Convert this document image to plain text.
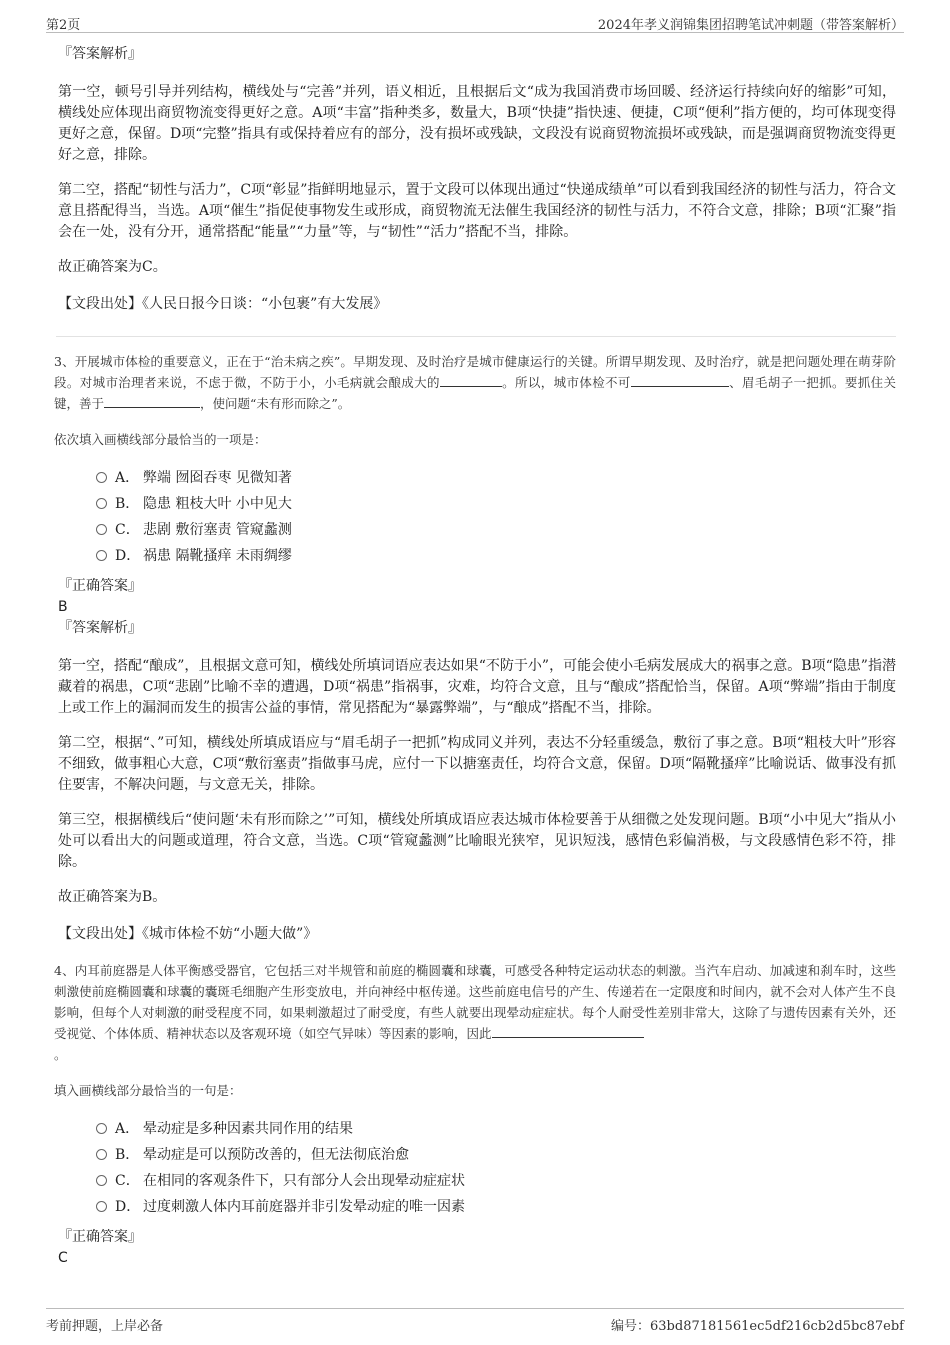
第2页	2024年孝义润锦集团招聘笔试冲刺题（带答案解析）
『答案解析』
第一空，顿号引导并列结构，横线处与“完善”并列，语义相近，且根据后文“成为我国消费市场回暖、经济运行持续向好的缩影”可知，横线处应体现出商贸物流变得更好之意。A项“丰富”指种类多，数量大，B项“快捷”指快速、便捷，C项“便利”指方便的，均可体现变得更好之意，保留。D项“完整”指具有或保持着应有的部分，没有损坏或残缺，文段没有说商贸物流损坏或残缺，而是强调商贸物流变得更好之意，排除。
第二空，搭配“韧性与活力”，C项“彰显”指鲜明地显示，置于文段可以体现出通过“快递成绩单”可以看到我国经济的韧性与活力，符合文意且搭配得当，当选。A项“催生”指促使事物发生或形成，商贸物流无法催生我国经济的韧性与活力，不符合文意，排除；B项“汇聚”指会在一处，没有分开，通常搭配“能量”“力量”等，与“韧性”“活力”搭配不当，排除。
故正确答案为C。
【文段出处】《人民日报今日谈：“小包裹”有大发展》
3、开展城市体检的重要意义，正在于“治未病之疾”。早期发现、及时治疗是城市健康运行的关键。所谓早期发现、及时治疗，就是把问题处理在萌芽阶段。对城市治理者来说，不虑于微，不防于小，小毛病就会酿成大的	。所以，城市体检不可	、眉毛胡子一把抓。要抓住关键，善于	，使问题“未有形而除之”。
依次填入画横线部分最恰当的一项是：
A． 弊端 囫囵吞枣 见微知著
B． 隐患 粗枝大叶 小中见大
C． 悲剧 敷衍塞责 管窥蠡测
D． 祸患 隔靴搔痒 未雨绸缪
『正确答案』
B
『答案解析』
第一空，搭配“酿成”，且根据文意可知，横线处所填词语应表达如果“不防于小”，可能会使小毛病发展成大的祸事之意。B项“隐患”指潜藏着的祸患，C项“悲剧”比喻不幸的遭遇，D项“祸患”指祸事，灾难，均符合文意，且与“酿成”搭配恰当，保留。A项“弊端”指由于制度上或工作上的漏洞而发生的损害公益的事情，常见搭配为“暴露弊端”，与“酿成”搭配不当，排除。
第二空，根据“、”可知，横线处所填成语应与“眉毛胡子一把抓”构成同义并列，表达不分轻重缓急，敷衍了事之意。B项“粗枝大叶”形容不细致，做事粗心大意，C项“敷衍塞责”指做事马虎，应付一下以搪塞责任，均符合文意，保留。D项“隔靴搔痒”比喻说话、做事没有抓住要害，不解决问题，与文意无关，排除。
第三空，根据横线后“使问题‘未有形而除之’”可知，横线处所填成语应表达城市体检要善于从细微之处发现问题。B项“小中见大”指从小处可以看出大的问题或道理，符合文意，当选。C项“管窥蠡测”比喻眼光狭窄，见识短浅，感情色彩偏消极，与文段感情色彩不符，排除。
故正确答案为B。
【文段出处】《城市体检不妨“小题大做”》
4、内耳前庭器是人体平衡感受器官，它包括三对半规管和前庭的椭圆囊和球囊，可感受各种特定运动状态的刺激。当汽车启动、加减速和刹车时，这些刺激使前庭椭圆囊和球囊的囊斑毛细胞产生形变放电，并向神经中枢传递。这些前庭电信号的产生、传递若在一定限度和时间内，就不会对人体产生不良影响，但每个人对刺激的耐受程度不同，如果刺激超过了耐受度，有些人就要出现晕动症症状。每个人耐受性差别非常大，这除了与遗传因素有关外，还受视觉、个体体质、精神状态以及客观环境（如空气异味）等因素的影响，因此
。
填入画横线部分最恰当的一句是：
A． 晕动症是多种因素共同作用的结果
B． 晕动症是可以预防改善的，但无法彻底治愈
C． 在相同的客观条件下，只有部分人会出现晕动症症状
D． 过度刺激人体内耳前庭器并非引发晕动症的唯一因素
『正确答案』
C
考前押题，上岸必备	编号：63bd87181561ec5df216cb2d5bc87ebf
